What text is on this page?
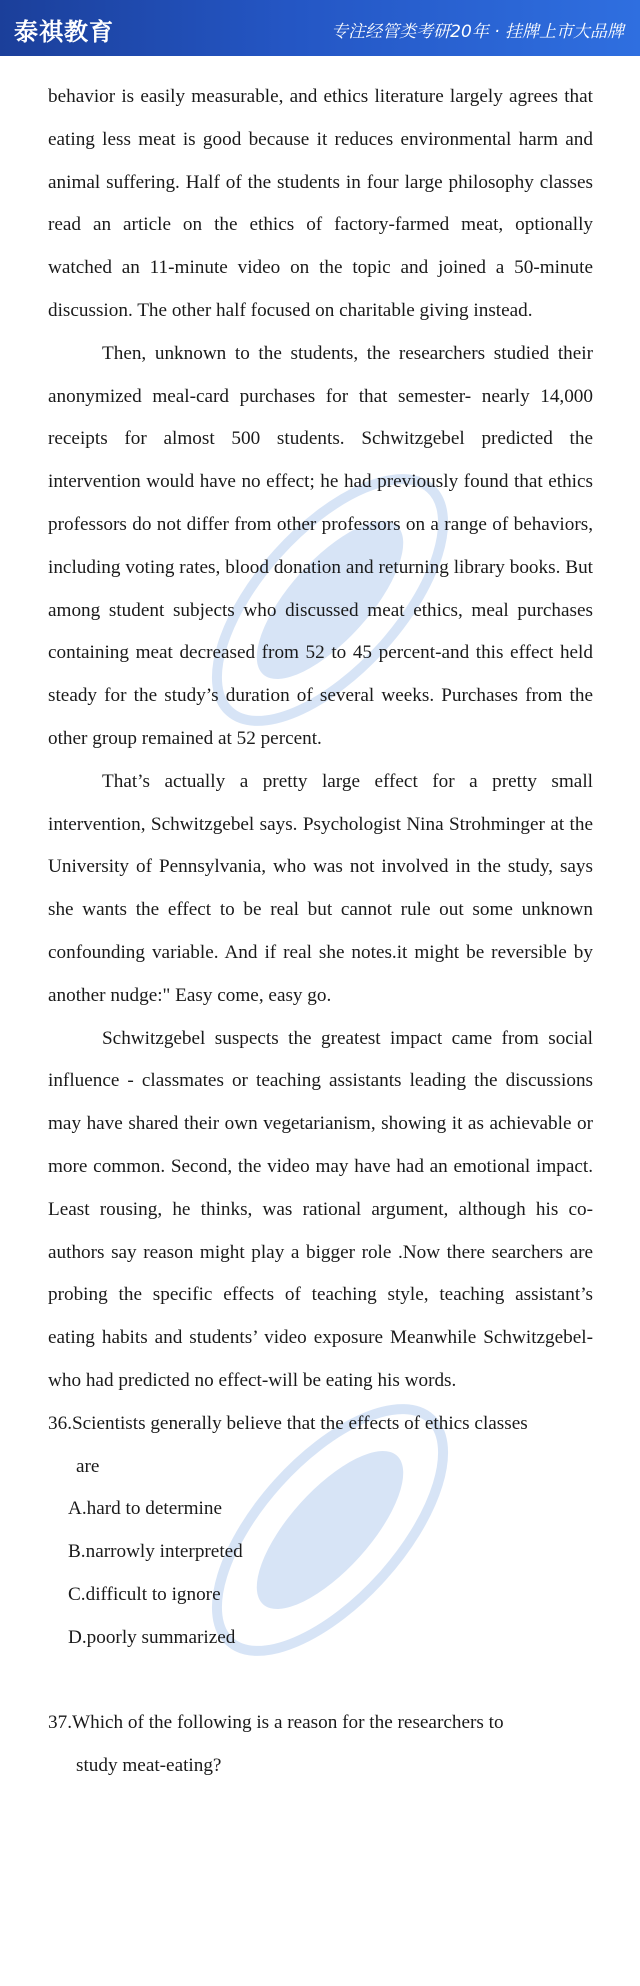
泰祺教育	专注经管类考研20年 · 挂牌上市大品牌

behavior is easily measurable, and ethics literature largely agrees that eating less meat is good because it reduces environmental harm and animal suffering. Half of the students in four large philosophy classes read an article on the ethics of factory-farmed meat, optionally watched an 11-minute video on the topic and joined a 50-minute discussion. The other half focused on charitable giving instead.

Then, unknown to the students, the researchers studied their anonymized meal-card purchases for that semester- nearly 14,000 receipts for almost 500 students. Schwitzgebel predicted the intervention would have no effect; he had previously found that ethics professors do not differ from other professors on a range of behaviors, including voting rates, blood donation and returning library books. But among student subjects who discussed meat ethics, meal purchases containing meat decreased from 52 to 45 percent-and this effect held steady for the study’s duration of several weeks. Purchases from the other group remained at 52 percent.

That’s actually a pretty large effect for a pretty small intervention, Schwitzgebel says. Psychologist Nina Strohminger at the University of Pennsylvania, who was not involved in the study, says she wants the effect to be real but cannot rule out some unknown confounding variable. And if real she notes.it might be reversible by another nudge:" Easy come, easy go.

Schwitzgebel suspects the greatest impact came from social influence - classmates or teaching assistants leading the discussions may have shared their own vegetarianism, showing it as achievable or more common. Second, the video may have had an emotional impact. Least rousing, he thinks, was rational argument, although his co-authors say reason might play a bigger role .Now there searchers are probing the specific effects of teaching style, teaching assistant’s eating habits and students’ video exposure Meanwhile Schwitzgebel-who had predicted no effect-will be eating his words.

36.Scientists generally believe that the effects of ethics classes
are
A.hard to determine
B.narrowly interpreted
C.difficult to ignore
D.poorly summarized
37.Which of the following is a reason for the researchers to
study meat-eating?
